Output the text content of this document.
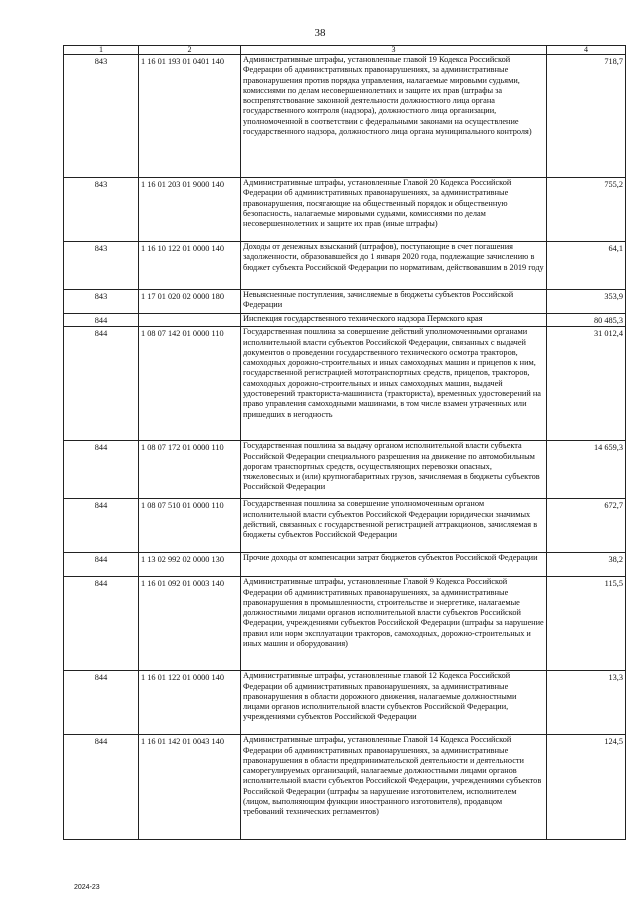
38
1	2	3	4
843	1 16 01 193 01 0401 140	Административные штрафы, установленные главой 19 Кодекса Российской Федерации об административных правонарушениях, за административные правонарушения против порядка управления, налагаемые мировыми судьями, комиссиями по делам несовершеннолетних и защите их прав (штрафы за воспрепятствование законной деятельности должностного лица органа государственного контроля (надзора), должностного лица организации, уполномоченной в соответствии с федеральными законами на осуществление государственного надзора, должностного лица органа муниципального контроля)	718,7
843	1 16 01 203 01 9000 140	Административные штрафы, установленные Главой 20 Кодекса Российской Федерации об административных правонарушениях, за административные правонарушения, посягающие на общественный порядок и общественную безопасность, налагаемые мировыми судьями, комиссиями по делам несовершеннолетних и защите их прав (иные штрафы)	755,2
843	1 16 10 122 01 0000 140	Доходы от денежных взысканий (штрафов), поступающие в счет погашения задолженности, образовавшейся до 1 января 2020 года, подлежащие зачислению в бюджет субъекта Российской Федерации по нормативам, действовавшим в 2019 году	64,1
843	1 17 01 020 02 0000 180	Невыясненные поступления, зачисляемые в бюджеты субъектов Российской Федерации	353,9
844		Инспекция государственного технического надзора Пермского края	80 485,3
844	1 08 07 142 01 0000 110	Государственная пошлина за совершение действий уполномоченными органами исполнительной власти субъектов Российской Федерации, связанных с выдачей документов о проведении государственного технического осмотра тракторов, самоходных дорожно-строительных и иных самоходных машин и прицепов к ним, государственной регистрацией мототранспортных средств, прицепов, тракторов, самоходных дорожно-строительных и иных самоходных машин, выдачей удостоверений тракториста-машиниста (тракториста), временных удостоверений на право управления самоходными машинами, в том числе взамен утраченных или пришедших в негодность	31 012,4
844	1 08 07 172 01 0000 110	Государственная пошлина за выдачу органом исполнительной власти субъекта Российской Федерации специального разрешения на движение по автомобильным дорогам транспортных средств, осуществляющих перевозки опасных, тяжеловесных и (или) крупногабаритных грузов, зачисляемая в бюджеты субъектов Российской Федерации	14 659,3
844	1 08 07 510 01 0000 110	Государственная пошлина за совершение уполномоченным органом исполнительной власти субъектов Российской Федерации юридически значимых действий, связанных с государственной регистрацией аттракционов, зачисляемая в бюджеты субъектов Российской Федерации	672,7
844	1 13 02 992 02 0000 130	Прочие доходы от компенсации затрат бюджетов субъектов Российской Федерации	38,2
844	1 16 01 092 01 0003 140	Административные штрафы, установленные Главой 9 Кодекса Российской Федерации об административных правонарушениях, за административные правонарушения в промышленности, строительстве и энергетике, налагаемые должностными лицами органов исполнительной власти субъектов Российской Федерации, учреждениями субъектов Российской Федерации (штрафы за нарушение правил или норм эксплуатации тракторов, самоходных, дорожно-строительных и иных машин и оборудования)	115,5
844	1 16 01 122 01 0000 140	Административные штрафы, установленные главой 12 Кодекса Российской Федерации об административных правонарушениях, за административные правонарушения в области дорожного движения, налагаемые должностными лицами органов исполнительной власти субъектов Российской Федерации, учреждениями субъектов Российской Федерации	13,3
844	1 16 01 142 01 0043 140	Административные штрафы, установленные Главой 14 Кодекса Российской Федерации об административных правонарушениях, за административные правонарушения в области предпринимательской деятельности и деятельности саморегулируемых организаций, налагаемые должностными лицами органов исполнительной власти субъектов Российской Федерации, учреждениями субъектов Российской Федерации (штрафы за нарушение изготовителем, исполнителем (лицом, выполняющим функции иностранного изготовителя), продавцом требований технических регламентов)	124,5
2024-23
